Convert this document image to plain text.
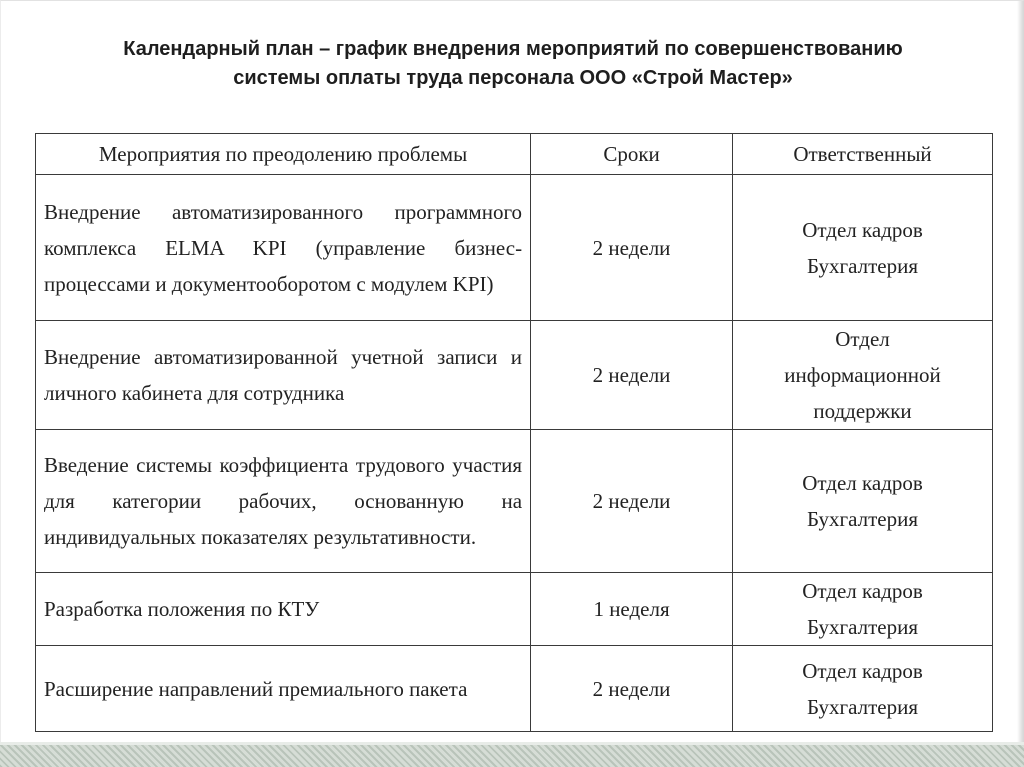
Календарный план – график внедрения мероприятий по совершенствованию
системы оплаты труда персонала ООО «Строй Мастер»
Мероприятия по преодолению проблемы	Сроки	Ответственный
Внедрение автоматизированного программного комплекса ELMA KPI (управление бизнес-процессами и документооборотом с модулем KPI)	2 недели	Отдел кадров
Бухгалтерия

Внедрение автоматизированной учетной записи и личного кабинета для сотрудника	2 недели	Отдел
информационной
поддержки

Введение системы коэффициента трудового участия для категории рабочих, основанную на индивидуальных показателях результативности.	2 недели	Отдел кадров
Бухгалтерия

Разработка положения по КТУ	1 неделя	Отдел кадров
Бухгалтерия

Расширение направлений премиального пакета	2 недели	Отдел кадров
Бухгалтерия
